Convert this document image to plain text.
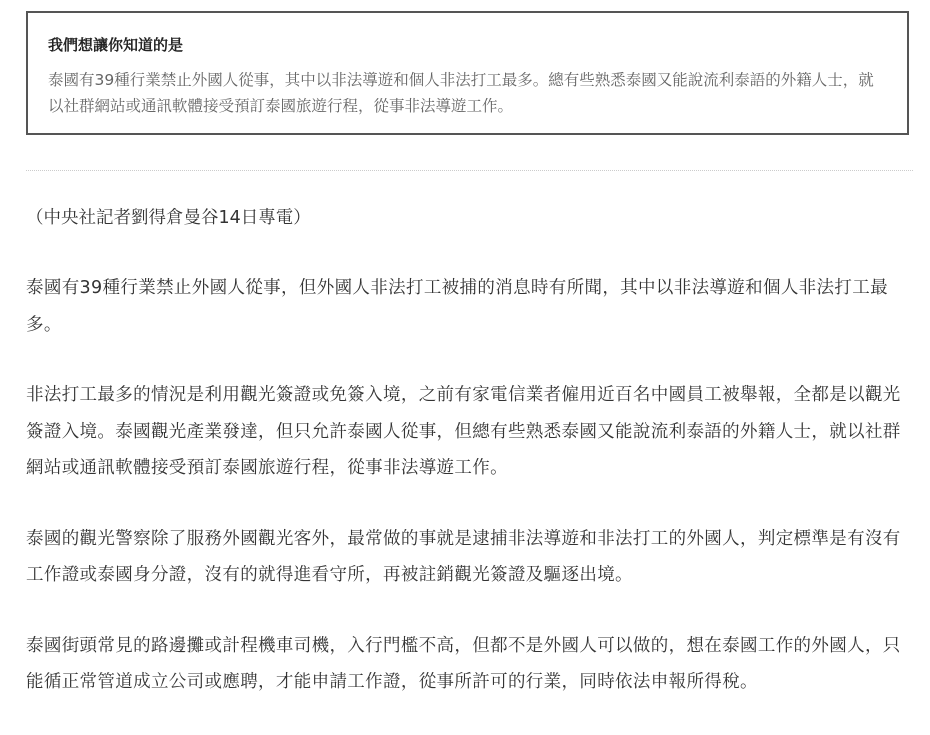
我們想讓你知道的是

泰國有39種行業禁止外國人從事，其中以非法導遊和個人非法打工最多。總有些熟悉泰國又能說流利泰語的外籍人士，就以社群網站或通訊軟體接受預訂泰國旅遊行程，從事非法導遊工作。

（中央社記者劉得倉曼谷14日專電）

泰國有39種行業禁止外國人從事，但外國人非法打工被捕的消息時有所聞，其中以非法導遊和個人非法打工最多。

非法打工最多的情況是利用觀光簽證或免簽入境，之前有家電信業者僱用近百名中國員工被舉報，全都是以觀光簽證入境。泰國觀光產業發達，但只允許泰國人從事，但總有些熟悉泰國又能說流利泰語的外籍人士，就以社群網站或通訊軟體接受預訂泰國旅遊行程，從事非法導遊工作。

泰國的觀光警察除了服務外國觀光客外，最常做的事就是逮捕非法導遊和非法打工的外國人，判定標準是有沒有工作證或泰國身分證，沒有的就得進看守所，再被註銷觀光簽證及驅逐出境。

泰國街頭常見的路邊攤或計程機車司機，入行門檻不高，但都不是外國人可以做的，想在泰國工作的外國人，只能循正常管道成立公司或應聘，才能申請工作證，從事所許可的行業，同時依法申報所得稅。
